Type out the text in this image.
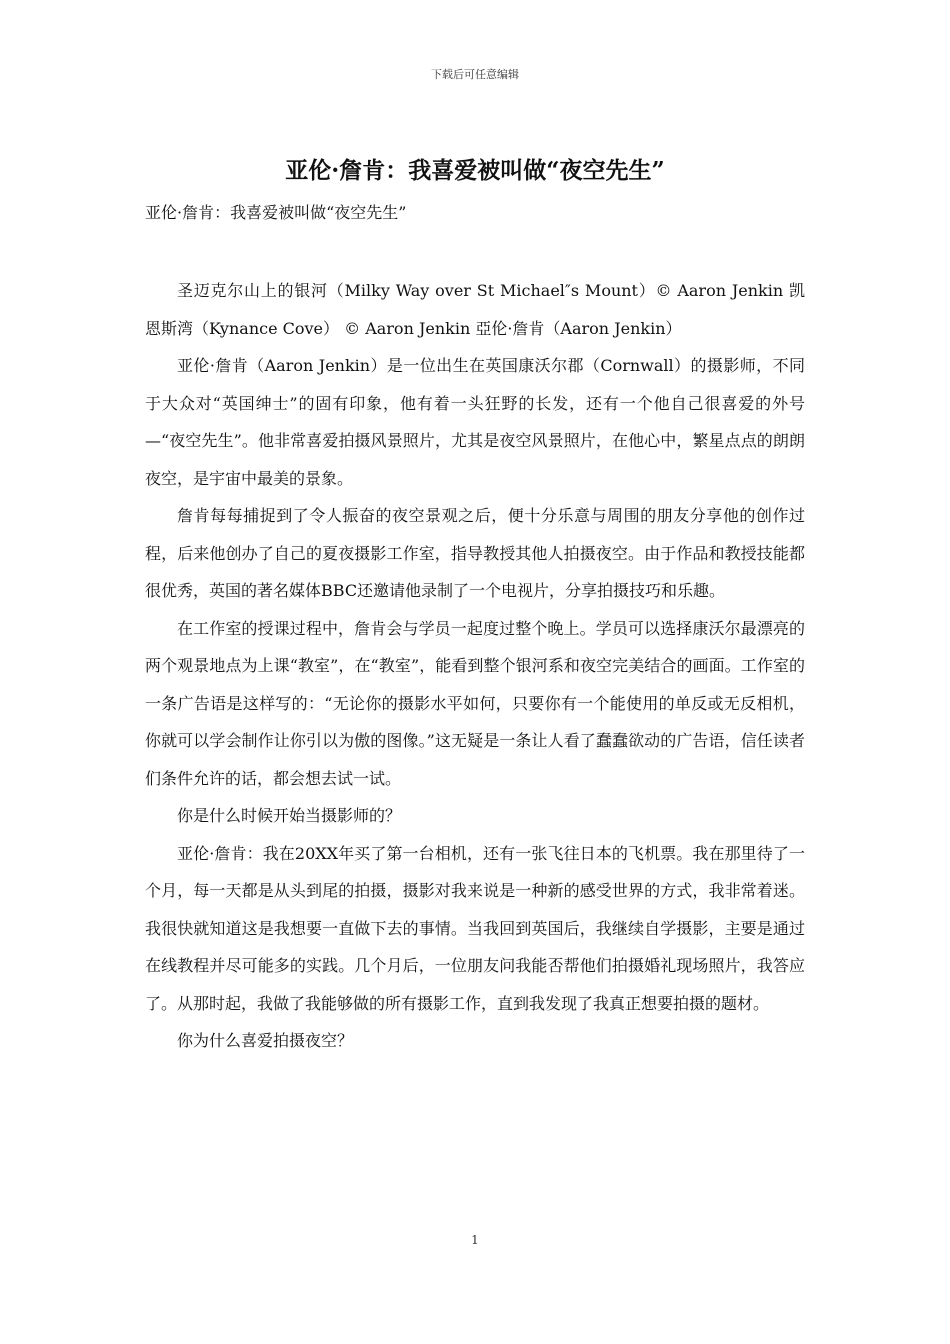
下载后可任意编辑
亚伦·詹肯：我喜爱被叫做“夜空先生”

亚伦·詹肯：我喜爱被叫做“夜空先生”

圣迈克尔山上的银河（Milky Way over St Michael″s Mount）© Aaron Jenkin 凯恩斯湾（Kynance Cove） © Aaron Jenkin 亞伦·詹肯（Aaron Jenkin）

亚伦·詹肯（Aaron Jenkin）是一位出生在英国康沃尔郡（Cornwall）的摄影师，不同于大众对“英国绅士”的固有印象，他有着一头狂野的长发，还有一个他自己很喜爱的外号—“夜空先生”。他非常喜爱拍摄风景照片，尤其是夜空风景照片，在他心中，繁星点点的朗朗夜空，是宇宙中最美的景象。

詹肯每每捕捉到了令人振奋的夜空景观之后，便十分乐意与周围的朋友分享他的创作过程，后来他创办了自己的夏夜摄影工作室，指导教授其他人拍摄夜空。由于作品和教授技能都很优秀，英国的著名媒体BBC还邀请他录制了一个电视片，分享拍摄技巧和乐趣。

在工作室的授课过程中，詹肯会与学员一起度过整个晚上。学员可以选择康沃尔最漂亮的两个观景地点为上课“教室”，在“教室”，能看到整个银河系和夜空完美结合的画面。工作室的一条广告语是这样写的：“无论你的摄影水平如何，只要你有一个能使用的单反或无反相机，你就可以学会制作让你引以为傲的图像。”这无疑是一条让人看了蠢蠢欲动的广告语，信任读者们条件允许的话，都会想去试一试。

你是什么时候开始当摄影师的？

亚伦·詹肯：我在20XX年买了第一台相机，还有一张飞往日本的飞机票。我在那里待了一个月，每一天都是从头到尾的拍摄，摄影对我来说是一种新的感受世界的方式，我非常着迷。我很快就知道这是我想要一直做下去的事情。当我回到英国后，我继续自学摄影，主要是通过在线教程并尽可能多的实践。几个月后，一位朋友问我能否帮他们拍摄婚礼现场照片，我答应了。从那时起，我做了我能够做的所有摄影工作，直到我发现了我真正想要拍摄的题材。

你为什么喜爱拍摄夜空？

1
